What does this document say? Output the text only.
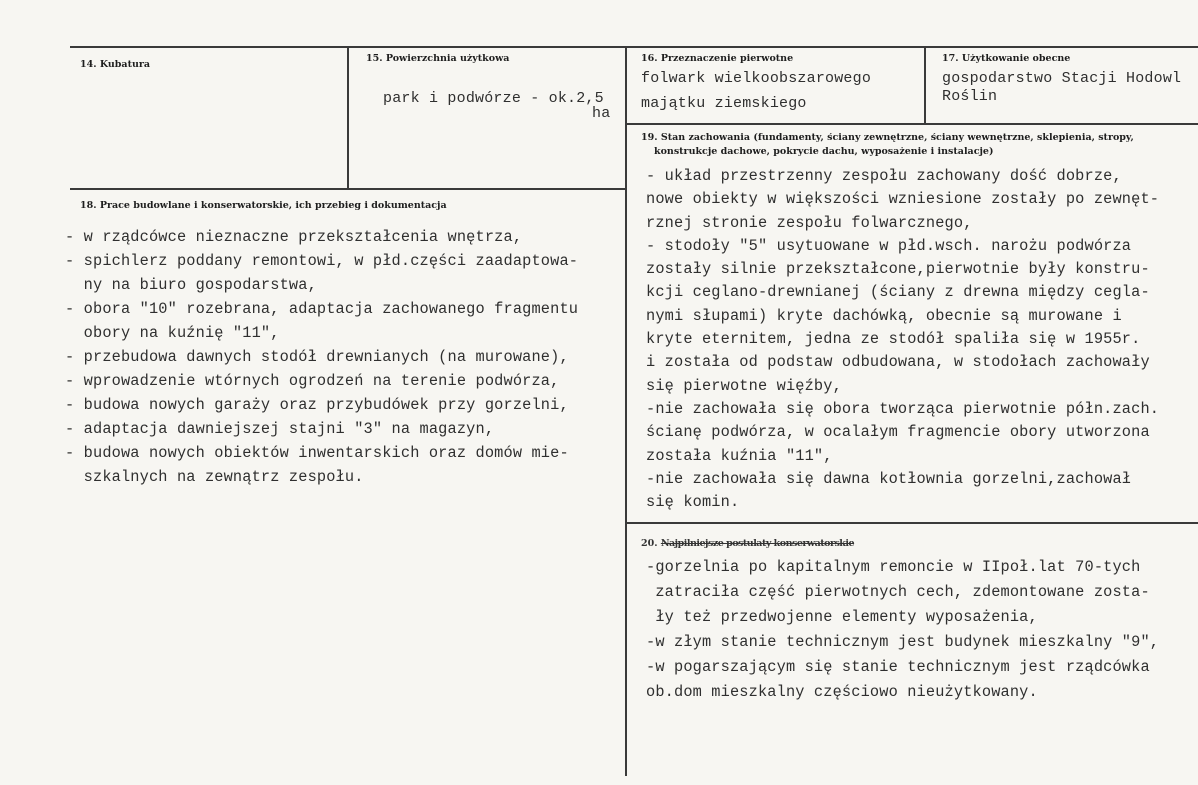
14. Kubatura
15. Powierzchnia użytkowa
park i podwórze - ok.2,5
ha
16. Przeznaczenie pierwotne
folwark wielkoobszarowego
majątku ziemskiego
17. Użytkowanie obecne
gospodarstwo Stacji Hodowl
Roślin
18. Prace budowlane i konserwatorskie, ich przebieg i dokumentacja
- w rządcówce nieznaczne przekształcenia wnętrza,
- spichlerz poddany remontowi, w płd.części zaadaptowa-
ny na biuro gospodarstwa,
- obora "10" rozebrana, adaptacja zachowanego fragmentu
obory na kuźnię "11",
- przebudowa dawnych stodół drewnianych (na murowane),
- wprowadzenie wtórnych ogrodzeń na terenie podwórza,
- budowa nowych garaży oraz przybudówek przy gorzelni,
- adaptacja dawniejszej stajni "3" na magazyn,
- budowa nowych obiektów inwentarskich oraz domów mie-
szkalnych na zewnątrz zespołu.
19. Stan zachowania (fundamenty, ściany zewnętrzne, ściany wewnętrzne, sklepienia, stropy,
konstrukcje dachowe, pokrycie dachu, wyposażenie i instalacje)
- układ przestrzenny zespołu zachowany dość dobrze,
nowe obiekty w większości wzniesione zostały po zewnęt-
rznej stronie zespołu folwarcznego,
- stodoły "5" usytuowane w płd.wsch. narożu podwórza
zostały silnie przekształcone,pierwotnie były konstru-
kcji ceglano-drewnianej (ściany z drewna między cegla-
nymi słupami) kryte dachówką, obecnie są murowane i
kryte eternitem, jedna ze stodół spaliła się w 1955r.
i została od podstaw odbudowana, w stodołach zachowały
się pierwotne więźby,
-nie zachowała się obora tworząca pierwotnie półn.zach.
ścianę podwórza, w ocalałym fragmencie obory utworzona
została kuźnia "11",
-nie zachowała się dawna kotłownia gorzelni,zachował
się komin.
20. Najpilniejsze postulaty konserwatorskie
-gorzelnia po kapitalnym remoncie w IIpoł.lat 70-tych
zatraciła część pierwotnych cech, zdemontowane zosta-
ły też przedwojenne elementy wyposażenia,
-w złym stanie technicznym jest budynek mieszkalny "9",
-w pogarszającym się stanie technicznym jest rządcówka
ob.dom mieszkalny częściowo nieużytkowany.
